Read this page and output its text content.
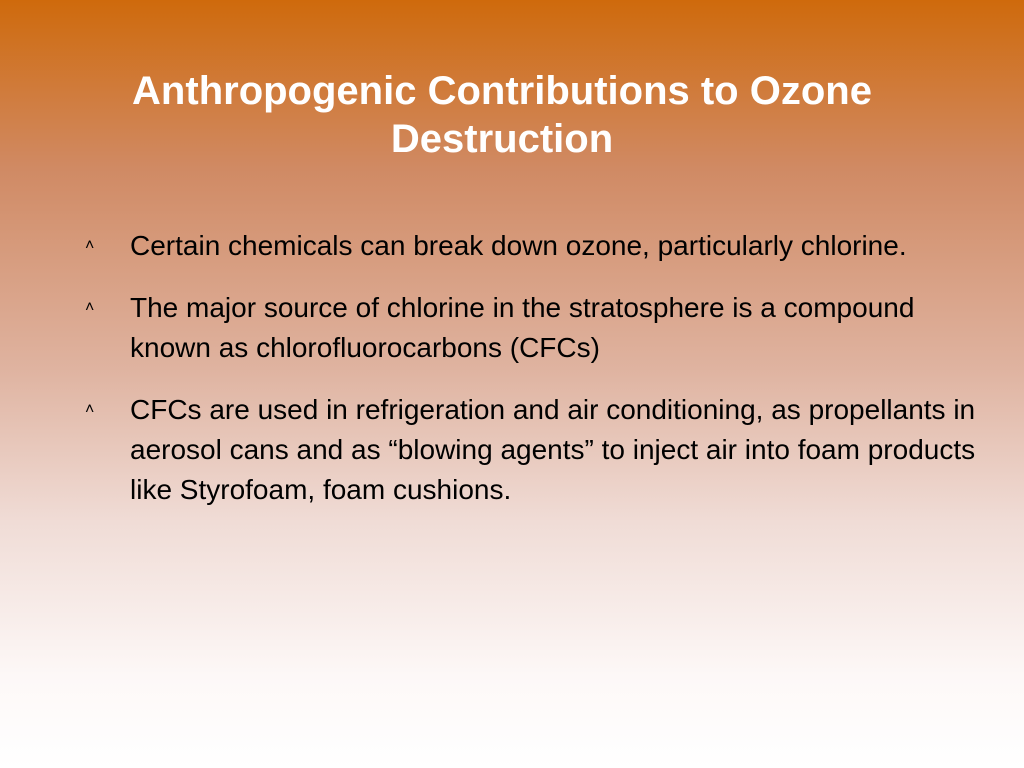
Anthropogenic Contributions to Ozone Destruction
˄ Certain chemicals can break down ozone, particularly chlorine.
˄ The major source of chlorine in the stratosphere is a compound known as chlorofluorocarbons (CFCs)
˄ CFCs are used in refrigeration and air conditioning, as propellants in aerosol cans and as “blowing agents” to inject air into foam products like Styrofoam, foam cushions.
